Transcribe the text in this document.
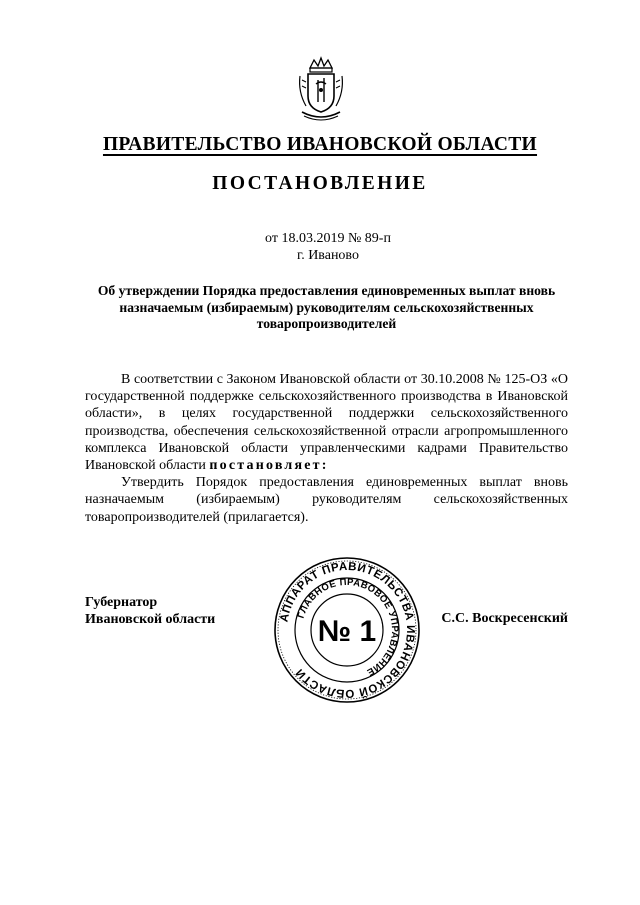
ПРАВИТЕЛЬСТВО ИВАНОВСКОЙ ОБЛАСТИ
ПОСТАНОВЛЕНИЕ
от 18.03.2019 № 89-п
г. Иваново
Об утверждении Порядка предоставления единовременных выплат вновь назначаемым (избираемым) руководителям сельскохозяйственных товаропроизводителей

В соответствии с Законом Ивановской области от 30.10.2008 № 125-ОЗ «О государственной поддержке сельскохозяйственного производства в Ивановской области», в целях государственной поддержки сельскохозяйственного производства, обеспечения сельскохозяйственной отрасли агропромышленного комплекса Ивановской области управленческими кадрами Правительство Ивановской области постановляет:

Утвердить Порядок предоставления единовременных выплат вновь назначаемым (избираемым) руководителям сельскохозяйственных товаропроизводителей (прилагается).

Губернатор
Ивановской области	С.С. Воскресенский
АППАРАТ ПРАВИТЕЛЬСТВА ИВАНОВСКОЙ ОБЛАСТИ
ГЛАВНОЕ ПРАВОВОЕ УПРАВЛЕНИЕ
№ 1
